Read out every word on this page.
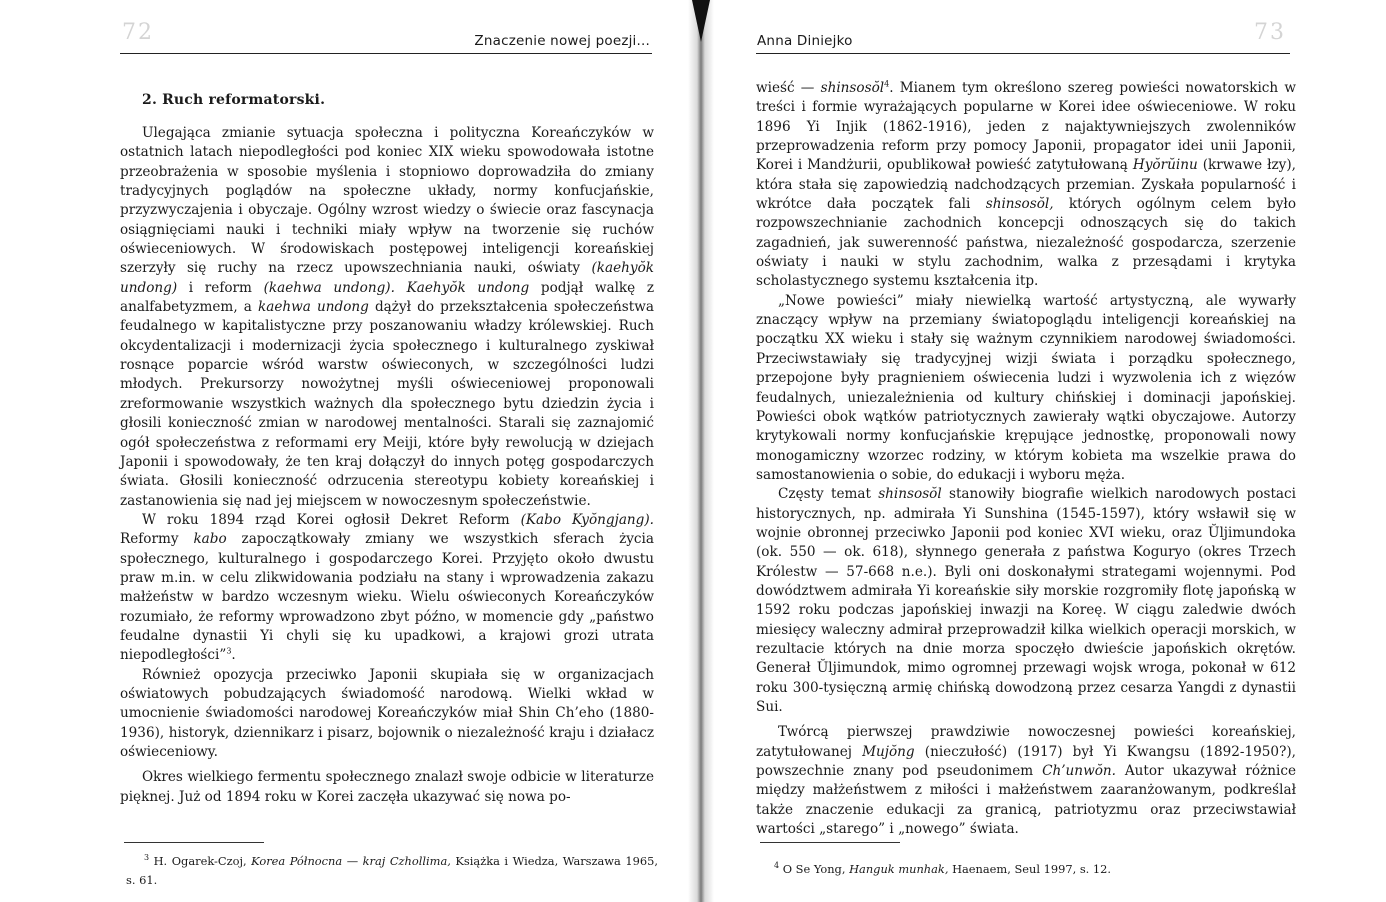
72	Znaczenie nowej poezji...
2. Ruch reformatorski.

Ulegająca zmianie sytuacja społeczna i polityczna Koreańczyków w ostatnich latach niepodległości pod koniec XIX wieku spowodowała istotne przeobrażenia w sposobie myślenia i stopniowo doprowadziła do zmiany tradycyjnych poglądów na społeczne układy, normy konfucjańskie, przyzwyczajenia i obyczaje. Ogólny wzrost wiedzy o świecie oraz fascynacja osiągnięciami nauki i techniki miały wpływ na tworzenie się ruchów oświeceniowych. W środowiskach postępowej inteligencji koreańskiej szerzyły się ruchy na rzecz upowszechniania nauki, oświaty (kaehyŏk undong) i reform (kaehwa undong). Kaehyŏk undong podjął walkę z analfabetyzmem, a kaehwa undong dążył do przekształcenia społeczeństwa feudalnego w kapitalistyczne przy poszanowaniu władzy królewskiej. Ruch okcydentalizacji i modernizacji życia społecznego i kulturalnego zyskiwał rosnące poparcie wśród warstw oświeconych, w szczególności ludzi młodych. Prekursorzy nowożytnej myśli oświeceniowej proponowali zreformowanie wszystkich ważnych dla społecznego bytu dziedzin życia i głosili konieczność zmian w narodowej mentalności. Starali się zaznajomić ogół społeczeństwa z reformami ery Meiji, które były rewolucją w dziejach Japonii i spowodowały, że ten kraj dołączył do innych potęg gospodarczych świata. Głosili konieczność odrzucenia stereotypu kobiety koreańskiej i zastanowienia się nad jej miejscem w nowoczesnym społeczeństwie.

W roku 1894 rząd Korei ogłosił Dekret Reform (Kabo Kyŏngjang). Reformy kabo zapoczątkowały zmiany we wszystkich sferach życia społecznego, kulturalnego i gospodarczego Korei. Przyjęto około dwustu praw m.in. w celu zlikwidowania podziału na stany i wprowadzenia zakazu małżeństw w bardzo wczesnym wieku. Wielu oświeconych Koreańczyków rozumiało, że reformy wprowadzono zbyt późno, w momencie gdy „państwo feudalne dynastii Yi chyli się ku upadkowi, a krajowi grozi utrata niepodległości”$^3$.

Również opozycja przeciwko Japonii skupiała się w organizacjach oświatowych pobudzających świadomość narodową. Wielki wkład w umocnienie świadomości narodowej Koreańczyków miał Shin Ch’eho (1880-1936), historyk, dziennikarz i pisarz, bojownik o niezależność kraju i działacz oświeceniowy.

Okres wielkiego fermentu społecznego znalazł swoje odbicie w literaturze pięknej. Już od 1894 roku w Korei zaczęła ukazywać się nowa po-

$^3$ H. Ogarek-Czoj, Korea Północna — kraj Czhollima, Książka i Wiedza, Warszawa 1965, s. 61.
73
Anna Diniejko

wieść — shinsosŏl$^4$. Mianem tym określono szereg powieści nowatorskich w treści i formie wyrażających popularne w Korei idee oświeceniowe. W roku 1896 Yi Injik (1862-1916), jeden z najaktywniejszych zwolenników przeprowadzenia reform przy pomocy Japonii, propagator idei unii Japonii, Korei i Mandżurii, opublikował powieść zatytułowaną Hyŏrŭinu (krwawe łzy), która stała się zapowiedzią nadchodzących przemian. Zyskała popularność i wkrótce dała początek fali shinsosŏl, których ogólnym celem było rozpowszechnianie zachodnich koncepcji odnoszących się do takich zagadnień, jak suwerenność państwa, niezależność gospodarcza, szerzenie oświaty i nauki w stylu zachodnim, walka z przesądami i krytyka scholastycznego systemu kształcenia itp.

„Nowe powieści” miały niewielką wartość artystyczną, ale wywarły znaczący wpływ na przemiany światopoglądu inteligencji koreańskiej na początku XX wieku i stały się ważnym czynnikiem narodowej świadomości. Przeciwstawiały się tradycyjnej wizji świata i porządku społecznego, przepojone były pragnieniem oświecenia ludzi i wyzwolenia ich z więzów feudalnych, uniezależnienia od kultury chińskiej i dominacji japońskiej. Powieści obok wątków patriotycznych zawierały wątki obyczajowe. Autorzy krytykowali normy konfucjańskie krępujące jednostkę, proponowali nowy monogamiczny wzorzec rodziny, w którym kobieta ma wszelkie prawa do samostanowienia o sobie, do edukacji i wyboru męża.

Częsty temat shinsosŏl stanowiły biografie wielkich narodowych postaci historycznych, np. admirała Yi Sunshina (1545-1597), który wsławił się w wojnie obronnej przeciwko Japonii pod koniec XVI wieku, oraz Ŭljimundoka (ok. 550 — ok. 618), słynnego generała z państwa Koguryo (okres Trzech Królestw — 57-668 n.e.). Byli oni doskonałymi strategami wojennymi. Pod dowództwem admirała Yi koreańskie siły morskie rozgromiły flotę japońską w 1592 roku podczas japońskiej inwazji na Koreę. W ciągu zaledwie dwóch miesięcy waleczny admirał przeprowadził kilka wielkich operacji morskich, w rezultacie których na dnie morza spoczęło dwieście japońskich okrętów. Generał Ŭljimundok, mimo ogromnej przewagi wojsk wroga, pokonał w 612 roku 300-tysięczną armię chińską dowodzoną przez cesarza Yangdi z dynastii Sui.

Twórcą pierwszej prawdziwie nowoczesnej powieści koreańskiej, zatytułowanej Mujŏng (nieczułość) (1917) był Yi Kwangsu (1892-1950?), powszechnie znany pod pseudonimem Ch’unwŏn. Autor ukazywał różnice między małżeństwem z miłości i małżeństwem zaaranżowanym, podkreślał także znaczenie edukacji za granicą, patriotyzmu oraz przeciwstawiał wartości „starego” i „nowego” świata.

$^4$ O Se Yong, Hanguk munhak, Haenaem, Seul 1997, s. 12.
